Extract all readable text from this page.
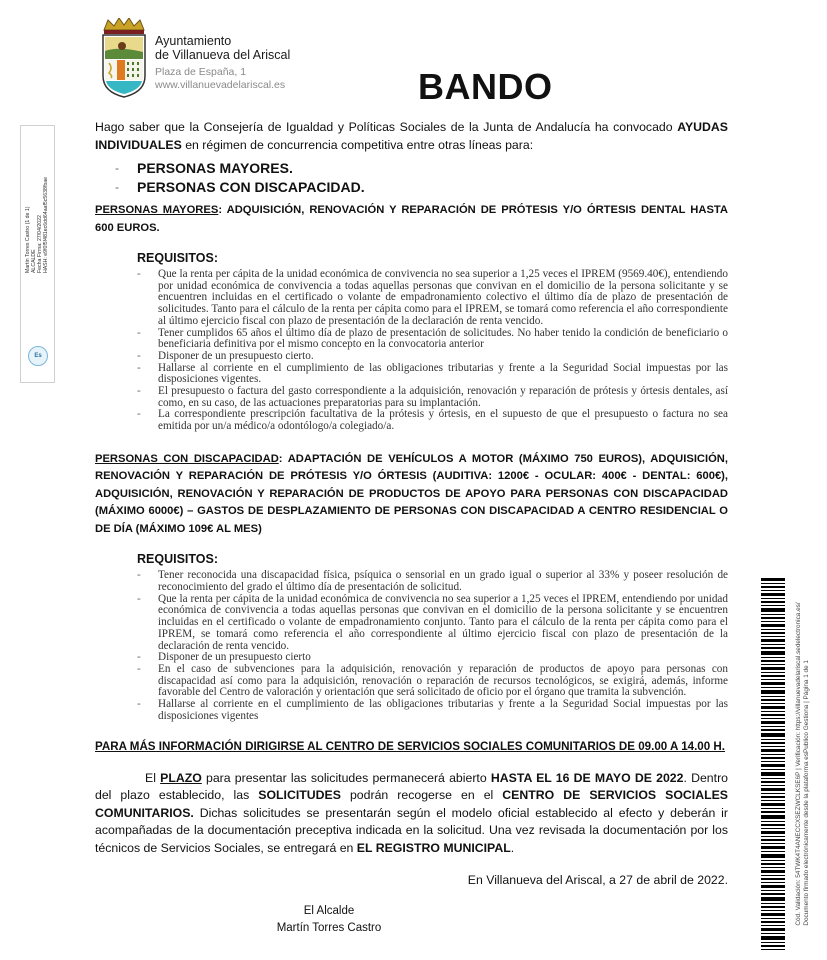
Ayuntamiento
de Villanueva del Ariscal
Plaza de España, 1
www.villanuevadelariscal.es	BANDO
Martín Torres Castro (1 de 1) ALCALDE Fecha Firma: 27/04/2022 HASH: e9f0f5f481ec6dd64aaf5c5638fbae
Es

Hago saber que la Consejería de Igualdad y Políticas Sociales de la Junta de Andalucía ha convocado AYUDAS INDIVIDUALES en régimen de concurrencia competitiva entre otras líneas para:

-	PERSONAS MAYORES.
-	PERSONAS CON DISCAPACIDAD.
PERSONAS MAYORES: ADQUISICIÓN, RENOVACIÓN Y REPARACIÓN DE PRÓTESIS Y/O ÓRTESIS DENTAL HASTA 600 EUROS.
REQUISITOS:
-	Que la renta per cápita de la unidad económica de convivencia no sea superior a 1,25 veces el IPREM (9569.40€), entendiendo por unidad económica de convivencia a todas aquellas personas que convivan en el domicilio de la persona solicitante y se encuentren incluidas en el certificado o volante de empadronamiento colectivo el último día de plazo de presentación de solicitudes. Tanto para el cálculo de la renta per cápita como para el IPREM, se tomará como referencia el año correspondiente al último ejercicio fiscal con plazo de presentación de la declaración de renta vencido.
-	Tener cumplidos 65 años el último día de plazo de presentación de solicitudes. No haber tenido la condición de beneficiario o beneficiaria definitiva por el mismo concepto en la convocatoria anterior
-	Disponer de un presupuesto cierto.
-	Hallarse al corriente en el cumplimiento de las obligaciones tributarias y frente a la Seguridad Social impuestas por las disposiciones vigentes.
-	El presupuesto o factura del gasto correspondiente a la adquisición, renovación y reparación de prótesis y órtesis dentales, así como, en su caso, de las actuaciones preparatorias para su implantación.
-	La correspondiente prescripción facultativa de la prótesis y órtesis, en el supuesto de que el presupuesto o factura no sea emitida por un/a médico/a odontólogo/a colegiado/a.
PERSONAS CON DISCAPACIDAD: ADAPTACIÓN DE VEHÍCULOS A MOTOR (MÁXIMO 750 EUROS), ADQUISICIÓN, RENOVACIÓN Y REPARACIÓN DE PRÓTESIS Y/O ÓRTESIS (AUDITIVA: 1200€ - OCULAR: 400€ - DENTAL: 600€), ADQUISICIÓN, RENOVACIÓN Y REPARACIÓN DE PRODUCTOS DE APOYO PARA PERSONAS CON DISCAPACIDAD (MÁXIMO 6000€) – GASTOS DE DESPLAZAMIENTO DE PERSONAS CON DISCAPACIDAD A CENTRO RESIDENCIAL O DE DÍA (MÁXIMO 109€ AL MES)
REQUISITOS:
-	Tener reconocida una discapacidad física, psíquica o sensorial en un grado igual o superior al 33% y poseer resolución de reconocimiento del grado el último día de presentación de solicitud.
-	Que la renta per cápita de la unidad económica de convivencia no sea superior a 1,25 veces el IPREM, entendiendo por unidad económica de convivencia a todas aquellas personas que convivan en el domicilio de la persona solicitante y se encuentren incluidas en el certificado o volante de empadronamiento conjunto. Tanto para el cálculo de la renta per cápita como para el IPREM, se tomará como referencia el año correspondiente al último ejercicio fiscal con plazo de presentación de la declaración de renta vencido.
-	Disponer de un presupuesto cierto
-	En el caso de subvenciones para la adquisición, renovación y reparación de productos de apoyo para personas con discapacidad así como para la adquisición, renovación o reparación de recursos tecnológicos, se exigirá, además, informe favorable del Centro de valoración y orientación que será solicitado de oficio por el órgano que tramita la subvención.
-	Hallarse al corriente en el cumplimiento de las obligaciones tributarias y frente a la Seguridad Social impuestas por las disposiciones vigentes
PARA MÁS INFORMACIÓN DIRIGIRSE AL CENTRO DE SERVICIOS SOCIALES COMUNITARIOS DE 09.00 A 14.00 H.

El PLAZO para presentar las solicitudes permanecerá abierto HASTA EL 16 DE MAYO DE 2022. Dentro del plazo establecido, las SOLICITUDES podrán recogerse en el CENTRO DE SERVICIOS SOCIALES COMUNITARIOS. Dichas solicitudes se presentarán según el modelo oficial establecido al efecto y deberán ir acompañadas de la documentación preceptiva indicada en la solicitud. Una vez revisada la documentación por los técnicos de Servicios Sociales, se entregará en EL REGISTRO MUNICIPAL.

En Villanueva del Ariscal, a 27 de abril de 2022.

El Alcalde
Martín Torres Castro
Cód. Validación: 54TWK4T4ANECCXSEZWCLKSE6P | Verificación: https://villanuevadelariscal.sedelectronica.es/ Documento firmado electrónicamente desde la plataforma esPublico Gestiona | Página 1 de 1
